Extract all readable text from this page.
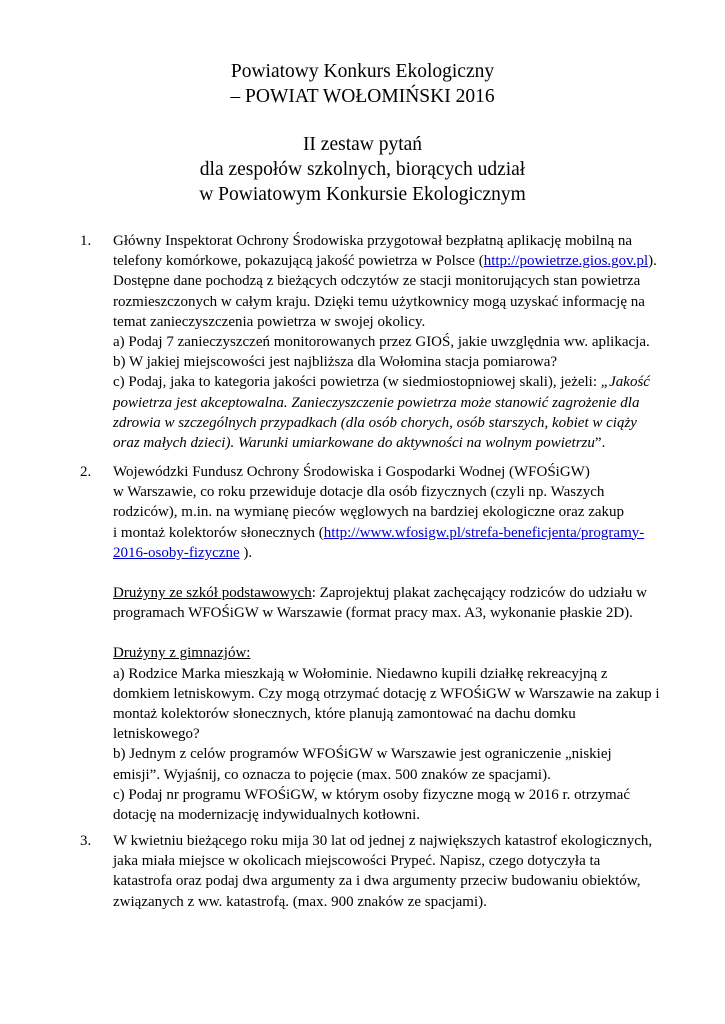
Powiatowy Konkurs Ekologiczny
– POWIAT WOŁOMIŃSKI 2016
II zestaw pytań
dla zespołów szkolnych, biorących udział
w Powiatowym Konkursie Ekologicznym
1. Główny Inspektorat Ochrony Środowiska przygotował bezpłatną aplikację mobilną na
telefony komórkowe, pokazującą jakość powietrza w Polsce (http://powietrze.gios.gov.pl).
Dostępne dane pochodzą z bieżących odczytów ze stacji monitorujących stan powietrza
rozmieszczonych w całym kraju. Dzięki temu użytkownicy mogą uzyskać informację na
temat zanieczyszczenia powietrza w swojej okolicy.
a) Podaj 7 zanieczyszczeń monitorowanych przez GIOŚ, jakie uwzględnia ww. aplikacja.
b) W jakiej miejscowości jest najbliższa dla Wołomina stacja pomiarowa?
c) Podaj, jaka to kategoria jakości powietrza (w siedmiostopniowej skali), jeżeli: „Jakość
powietrza jest akceptowalna. Zanieczyszczenie powietrza może stanowić zagrożenie dla
zdrowia w szczególnych przypadkach (dla osób chorych, osób starszych, kobiet w ciąży
oraz małych dzieci). Warunki umiarkowane do aktywności na wolnym powietrzu”.
2. Wojewódzki Fundusz Ochrony Środowiska i Gospodarki Wodnej (WFOŚiGW)
w Warszawie, co roku przewiduje dotacje dla osób fizycznych (czyli np. Waszych
rodziców), m.in. na wymianę pieców węglowych na bardziej ekologiczne oraz zakup
i montaż kolektorów słonecznych (http://www.wfosigw.pl/strefa-beneficjenta/programy-
2016-osoby-fizyczne ).
Drużyny ze szkół podstawowych: Zaprojektuj plakat zachęcający rodziców do udziału w
programach WFOŚiGW w Warszawie (format pracy max. A3, wykonanie płaskie 2D).
Drużyny z gimnazjów:
a) Rodzice Marka mieszkają w Wołominie. Niedawno kupili działkę rekreacyjną z
domkiem letniskowym. Czy mogą otrzymać dotację z WFOŚiGW w Warszawie na zakup i
montaż kolektorów słonecznych, które planują zamontować na dachu domku
letniskowego?
b) Jednym z celów programów WFOŚiGW w Warszawie jest ograniczenie „niskiej
emisji”. Wyjaśnij, co oznacza to pojęcie (max. 500 znaków ze spacjami).
c) Podaj nr programu WFOŚiGW, w którym osoby fizyczne mogą w 2016 r. otrzymać
dotację na modernizację indywidualnych kotłowni.
3. W kwietniu bieżącego roku mija 30 lat od jednej z największych katastrof ekologicznych,
jaka miała miejsce w okolicach miejscowości Prypeć. Napisz, czego dotyczyła ta
katastrofa oraz podaj dwa argumenty za i dwa argumenty przeciw budowaniu obiektów,
związanych z ww. katastrofą. (max. 900 znaków ze spacjami).
